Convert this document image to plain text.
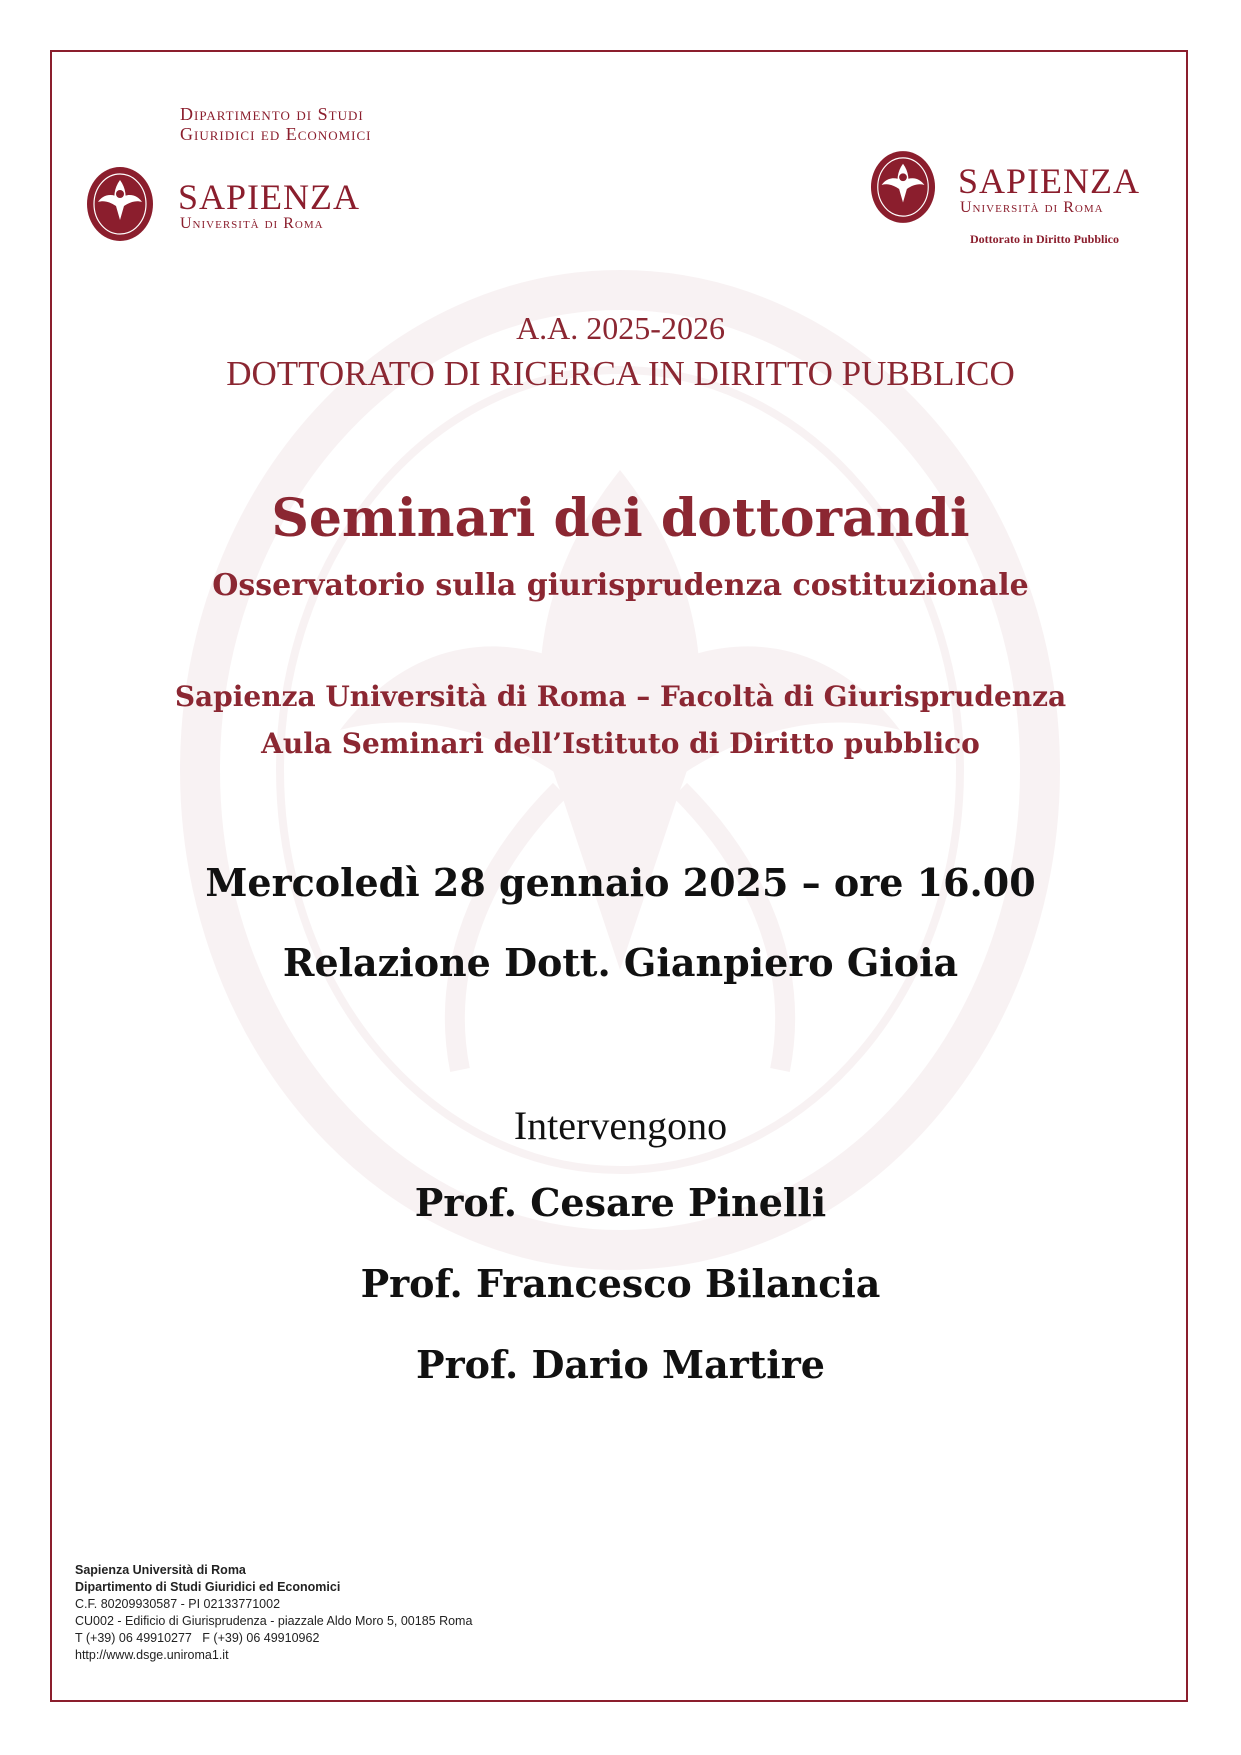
Dipartimento di Studi
Giuridici ed Economici
SAPIENZA
Università di Roma
SAPIENZA
Università di Roma
Dottorato in Diritto Pubblico
A.A. 2025-2026
DOTTORATO DI RICERCA IN DIRITTO PUBBLICO
Seminari dei dottorandi
Osservatorio sulla giurisprudenza costituzionale
Sapienza Università di Roma – Facoltà di Giurisprudenza
Aula Seminari dell’Istituto di Diritto pubblico
Mercoledì 28 gennaio 2025 – ore 16.00
Relazione Dott. Gianpiero Gioia
Intervengono
Prof. Cesare Pinelli
Prof. Francesco Bilancia
Prof. Dario Martire
Sapienza Università di Roma
Dipartimento di Studi Giuridici ed Economici
C.F. 80209930587 - PI 02133771002
CU002 - Edificio di Giurisprudenza - piazzale Aldo Moro 5, 00185 Roma
T (+39) 06 49910277   F (+39) 06 49910962
http://www.dsge.uniroma1.it
